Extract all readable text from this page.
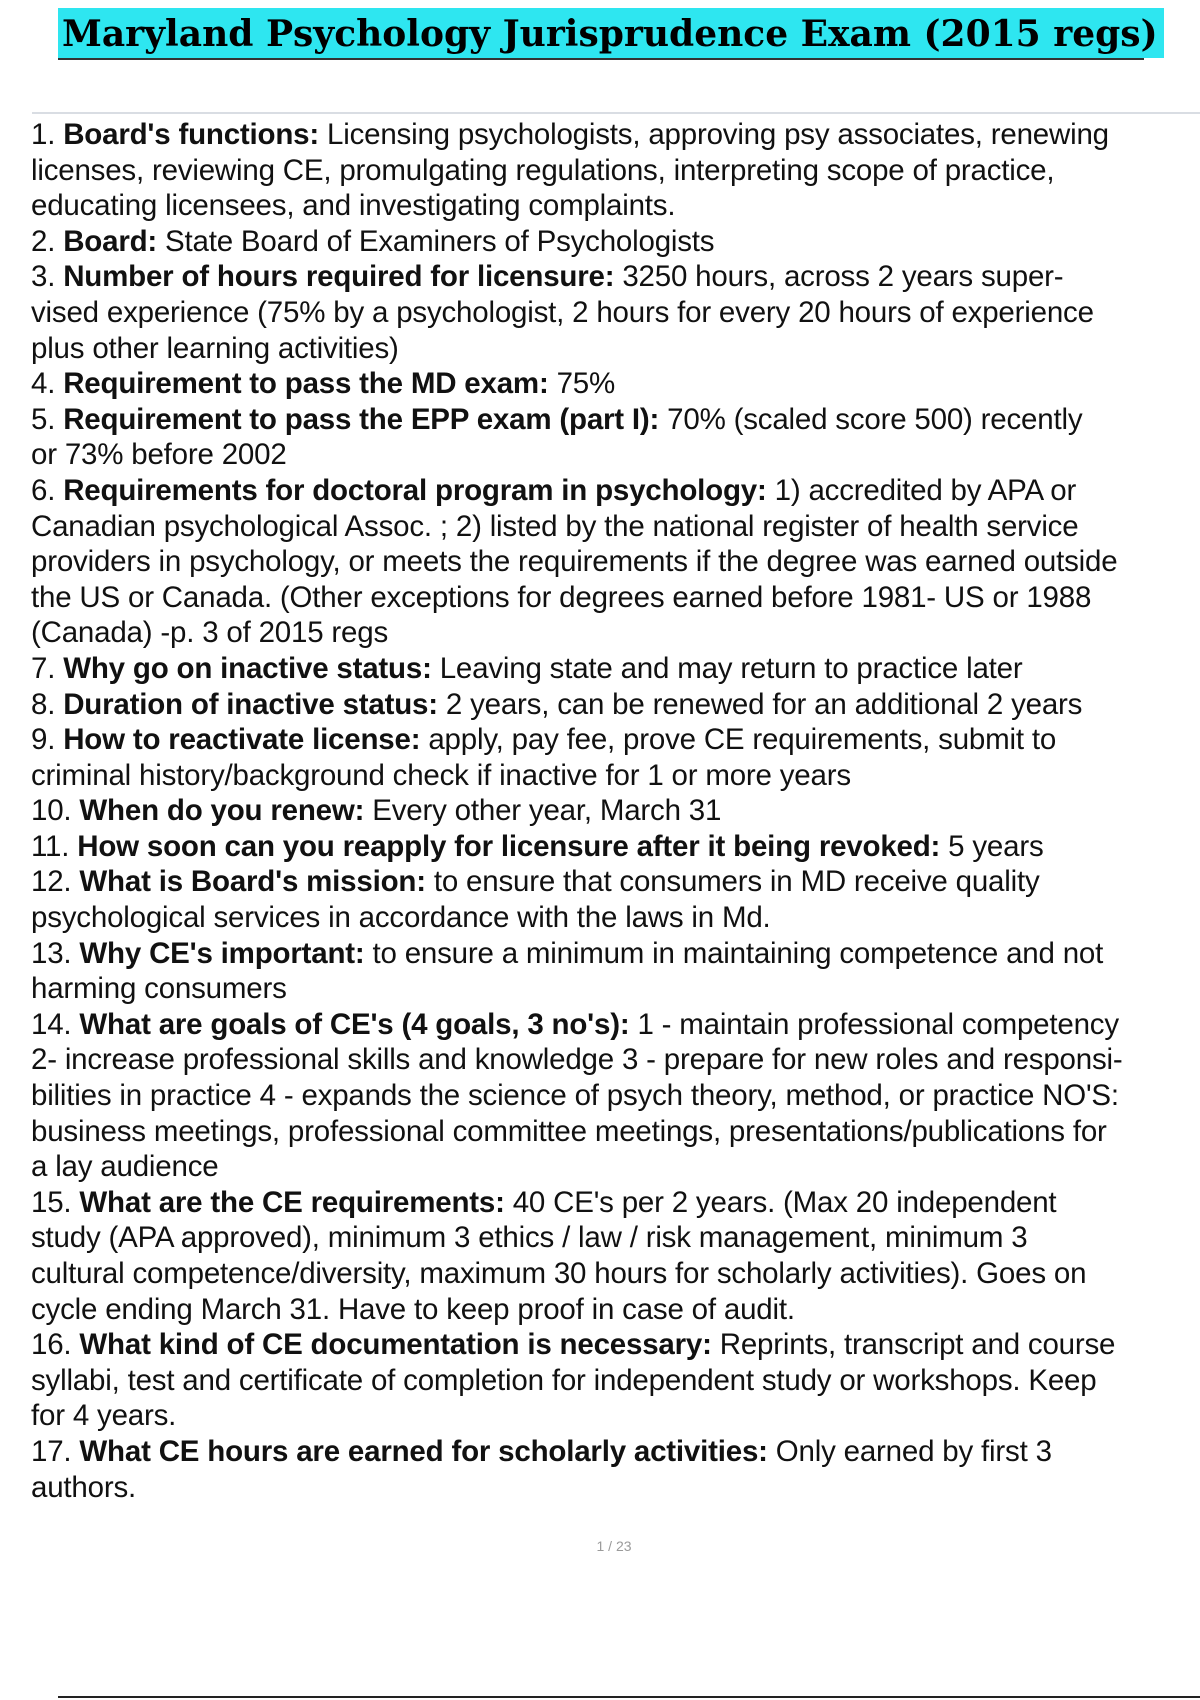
Maryland Psychology Jurisprudence Exam (2015 regs)
1. Board's functions: Licensing psychologists, approving psy associates, renewing
licenses, reviewing CE, promulgating regulations, interpreting scope of practice,
educating licensees, and investigating complaints.
2. Board: State Board of Examiners of Psychologists
3. Number of hours required for licensure: 3250 hours, across 2 years super-
vised experience (75% by a psychologist, 2 hours for every 20 hours of experience
plus other learning activities)
4. Requirement to pass the MD exam: 75%
5. Requirement to pass the EPP exam (part I): 70% (scaled score 500) recently
or 73% before 2002
6. Requirements for doctoral program in psychology: 1) accredited by APA or
Canadian psychological Assoc. ; 2) listed by the national register of health service
providers in psychology, or meets the requirements if the degree was earned outside
the US or Canada. (Other exceptions for degrees earned before 1981- US or 1988
(Canada) -p. 3 of 2015 regs
7. Why go on inactive status: Leaving state and may return to practice later
8. Duration of inactive status: 2 years, can be renewed for an additional 2 years
9. How to reactivate license: apply, pay fee, prove CE requirements, submit to
criminal history/background check if inactive for 1 or more years
10. When do you renew: Every other year, March 31
11. How soon can you reapply for licensure after it being revoked: 5 years
12. What is Board's mission: to ensure that consumers in MD receive quality
psychological services in accordance with the laws in Md.
13. Why CE's important: to ensure a minimum in maintaining competence and not
harming consumers
14. What are goals of CE's (4 goals, 3 no's): 1 - maintain professional competency
2- increase professional skills and knowledge 3 - prepare for new roles and responsi-
bilities in practice 4 - expands the science of psych theory, method, or practice NO'S:
business meetings, professional committee meetings, presentations/publications for
a lay audience
15. What are the CE requirements: 40 CE's per 2 years. (Max 20 independent
study (APA approved), minimum 3 ethics / law / risk management, minimum 3
cultural competence/diversity, maximum 30 hours for scholarly activities). Goes on
cycle ending March 31. Have to keep proof in case of audit.
16. What kind of CE documentation is necessary: Reprints, transcript and course
syllabi, test and certificate of completion for independent study or workshops. Keep
for 4 years.
17. What CE hours are earned for scholarly activities: Only earned by first 3
authors.
1 / 23
